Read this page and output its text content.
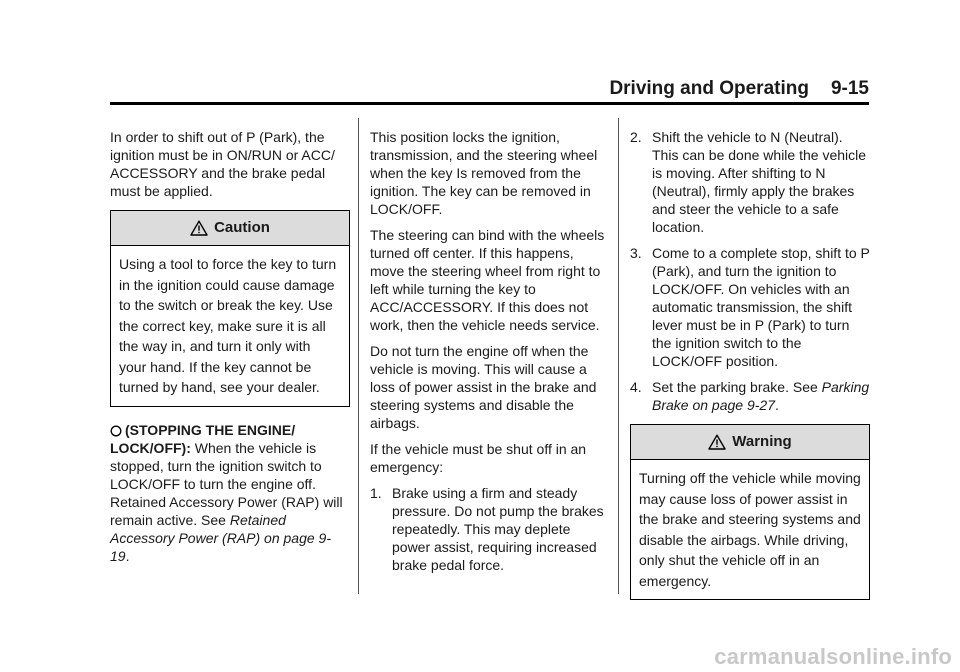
Driving and Operating 9-15

In order to shift out of P (Park), the ignition must be in ON/RUN or ACC/ ACCESSORY and the brake pedal must be applied.

Caution
Using a tool to force the key to turn in the ignition could cause damage to the switch or break the key. Use the correct key, make sure it is all the way in, and turn it only with your hand. If the key cannot be turned by hand, see your dealer.

(STOPPING THE ENGINE/ LOCK/OFF): When the vehicle is stopped, turn the ignition switch to LOCK/OFF to turn the engine off. Retained Accessory Power (RAP) will remain active. See Retained Accessory Power (RAP) on page 9-19.

This position locks the ignition, transmission, and the steering wheel when the key Is removed from the ignition. The key can be removed in LOCK/OFF.

The steering can bind with the wheels turned off center. If this happens, move the steering wheel from right to left while turning the key to ACC/ACCESSORY. If this does not work, then the vehicle needs service.

Do not turn the engine off when the vehicle is moving. This will cause a loss of power assist in the brake and steering systems and disable the airbags.

If the vehicle must be shut off in an emergency:

1. Brake using a firm and steady pressure. Do not pump the brakes repeatedly. This may deplete power assist, requiring increased brake pedal force.
2. Shift the vehicle to N (Neutral). This can be done while the vehicle is moving. After shifting to N (Neutral), firmly apply the brakes and steer the vehicle to a safe location.
3. Come to a complete stop, shift to P (Park), and turn the ignition to LOCK/OFF. On vehicles with an automatic transmission, the shift lever must be in P (Park) to turn the ignition switch to the LOCK/OFF position.
4. Set the parking brake. See Parking Brake on page 9-27.
Warning
Turning off the vehicle while moving may cause loss of power assist in the brake and steering systems and disable the airbags. While driving, only shut the vehicle off in an emergency.
carmanualsonline.info
